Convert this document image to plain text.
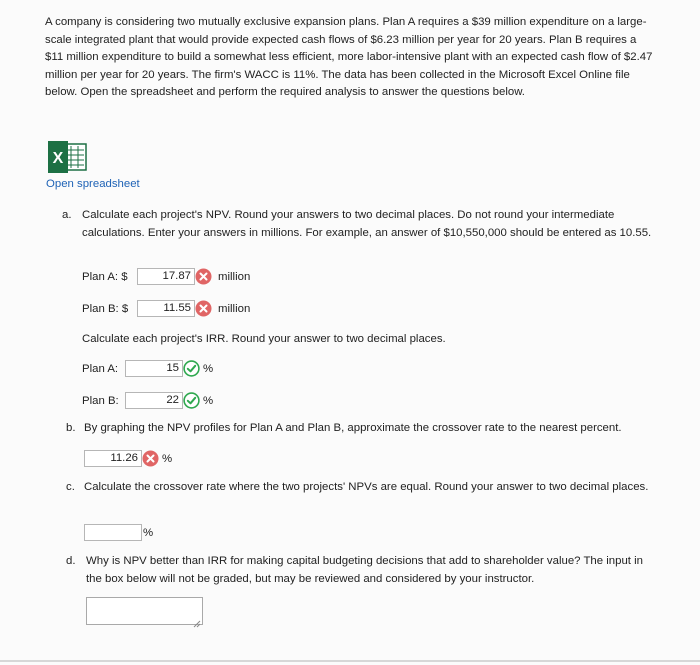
A company is considering two mutually exclusive expansion plans. Plan A requires a $39 million expenditure on a large-scale integrated plant that would provide expected cash flows of $6.23 million per year for 20 years. Plan B requires a $11 million expenditure to build a somewhat less efficient, more labor-intensive plant with an expected cash flow of $2.47 million per year for 20 years. The firm's WACC is 11%. The data has been collected in the Microsoft Excel Online file below. Open the spreadsheet and perform the required analysis to answer the questions below.
X
Open spreadsheet
a. Calculate each project's NPV. Round your answers to two decimal places. Do not round your intermediate calculations. Enter your answers in millions. For example, an answer of $10,550,000 should be entered as 10.55.
Plan A: $	17.87	million
Plan B: $	11.55	million
Calculate each project's IRR. Round your answer to two decimal places.
Plan A:	15	%
Plan B:	22	%
b. By graphing the NPV profiles for Plan A and Plan B, approximate the crossover rate to the nearest percent.
11.26	%
c. Calculate the crossover rate where the two projects' NPVs are equal. Round your answer to two decimal places.
%
d. Why is NPV better than IRR for making capital budgeting decisions that add to shareholder value? The input in the box below will not be graded, but may be reviewed and considered by your instructor.
